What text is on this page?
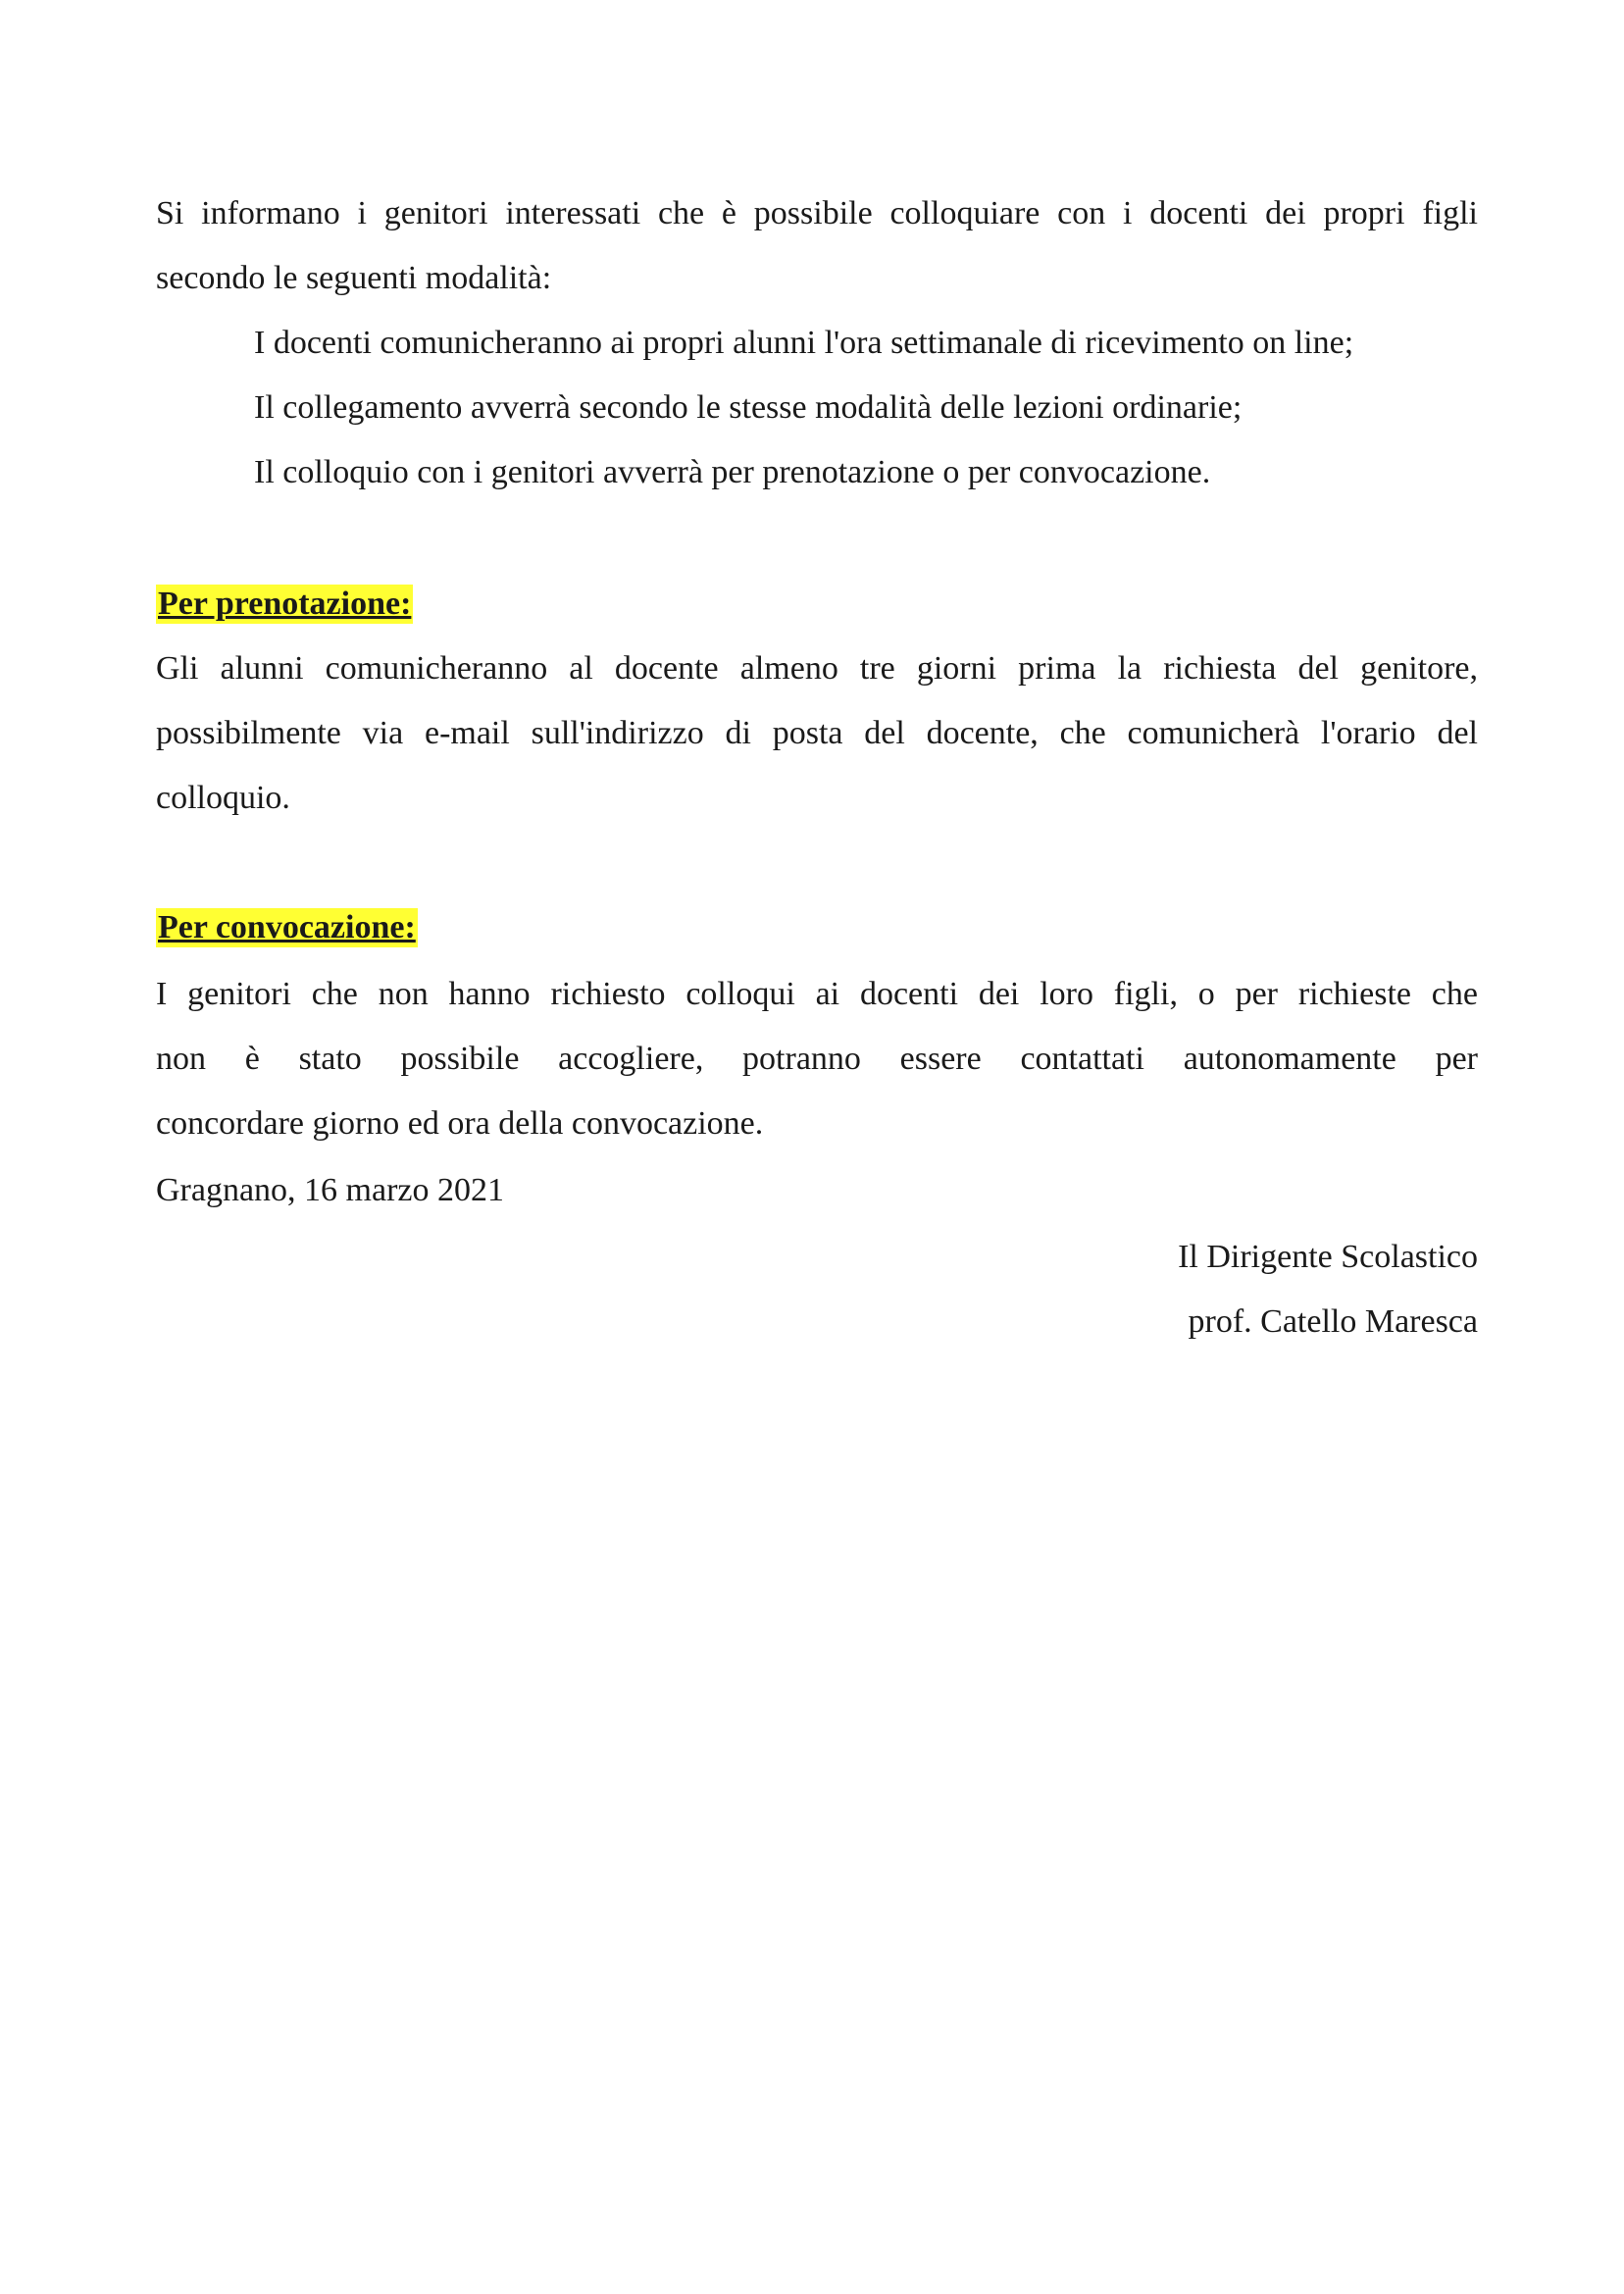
Si informano i genitori interessati che è possibile colloquiare con i docenti dei propri figli

secondo le seguenti modalità:

I docenti comunicheranno ai propri alunni l'ora settimanale di ricevimento on line;

Il collegamento avverrà secondo le stesse modalità delle lezioni ordinarie;

Il colloquio con i genitori avverrà per prenotazione o per convocazione.

Per prenotazione:

Gli alunni comunicheranno al docente almeno tre giorni prima la richiesta del genitore,

possibilmente via e-mail sull'indirizzo di posta del docente, che comunicherà l'orario del

colloquio.

Per convocazione:

I genitori che non hanno richiesto colloqui ai docenti dei loro figli, o per richieste che

non è stato possibile accogliere, potranno essere contattati autonomamente per

concordare giorno ed ora della convocazione.

Gragnano, 16 marzo 2021

Il Dirigente Scolastico

prof. Catello Maresca
